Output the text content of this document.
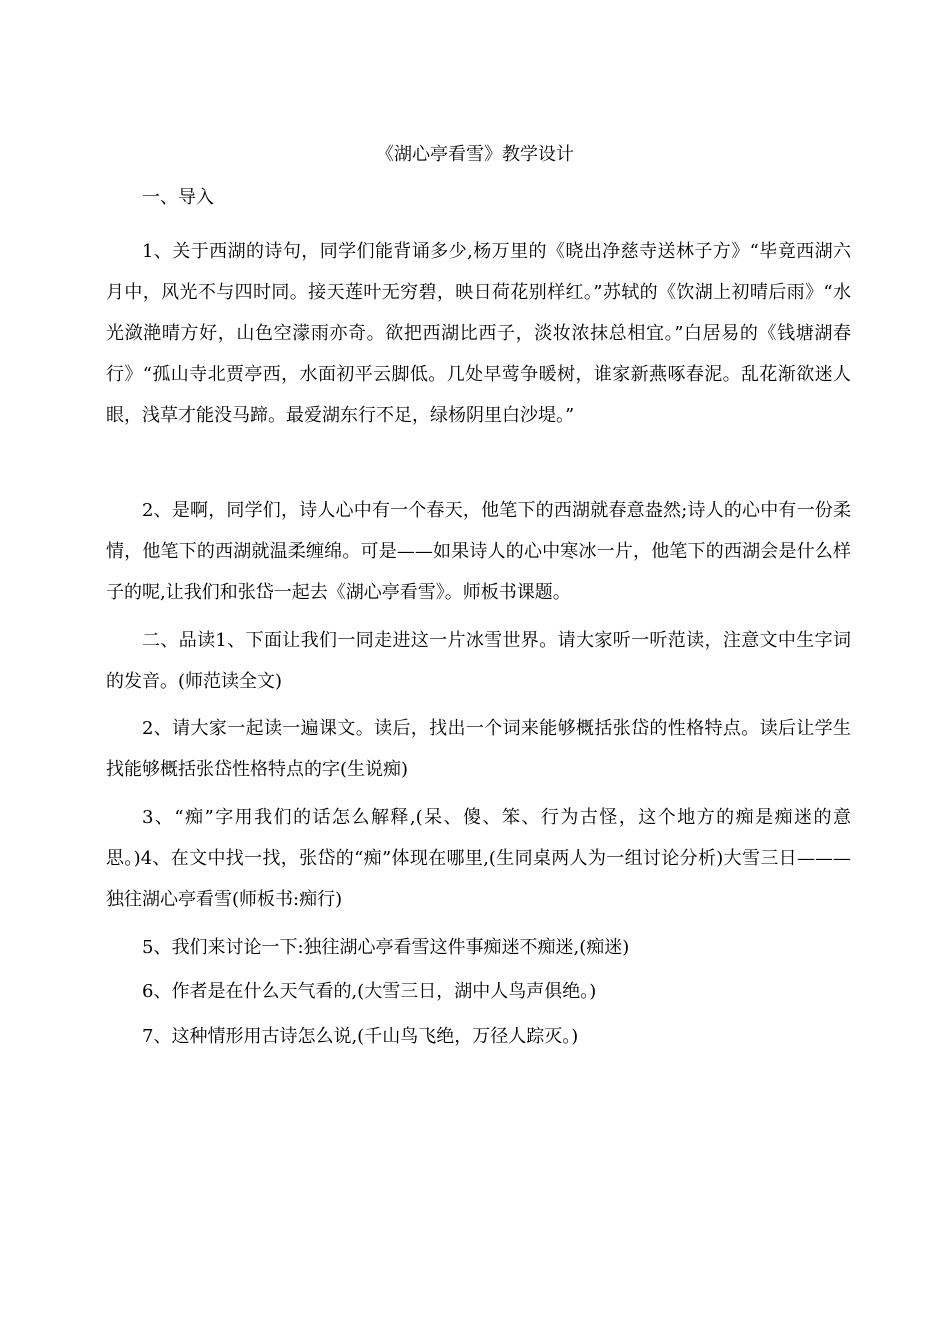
《湖心亭看雪》教学设计

一、导入

1、关于西湖的诗句，同学们能背诵多少,杨万里的《晓出净慈寺送林子方》“毕竟西湖六月中，风光不与四时同。接天莲叶无穷碧，映日荷花别样红。”苏轼的《饮湖上初晴后雨》“水光潋滟晴方好，山色空濛雨亦奇。欲把西湖比西子，淡妆浓抹总相宜。”白居易的《钱塘湖春行》“孤山寺北贾亭西，水面初平云脚低。几处早莺争暖树，谁家新燕啄春泥。乱花渐欲迷人眼，浅草才能没马蹄。最爱湖东行不足，绿杨阴里白沙堤。”

2、是啊，同学们，诗人心中有一个春天，他笔下的西湖就春意盎然;诗人的心中有一份柔情，他笔下的西湖就温柔缠绵。可是——如果诗人的心中寒冰一片，他笔下的西湖会是什么样子的呢,让我们和张岱一起去《湖心亭看雪》。师板书课题。

二、品读1、下面让我们一同走进这一片冰雪世界。请大家听一听范读，注意文中生字词的发音。(师范读全文)

2、请大家一起读一遍课文。读后，找出一个词来能够概括张岱的性格特点。读后让学生找能够概括张岱性格特点的字(生说痴)

3、“痴”字用我们的话怎么解释,(呆、傻、笨、行为古怪，这个地方的痴是痴迷的意思。)4、在文中找一找，张岱的“痴”体现在哪里,(生同桌两人为一组讨论分析)大雪三日———独往湖心亭看雪(师板书:痴行)

5、我们来讨论一下:独往湖心亭看雪这件事痴迷不痴迷,(痴迷)

6、作者是在什么天气看的,(大雪三日，湖中人鸟声俱绝。)

7、这种情形用古诗怎么说,(千山鸟飞绝，万径人踪灭。)
